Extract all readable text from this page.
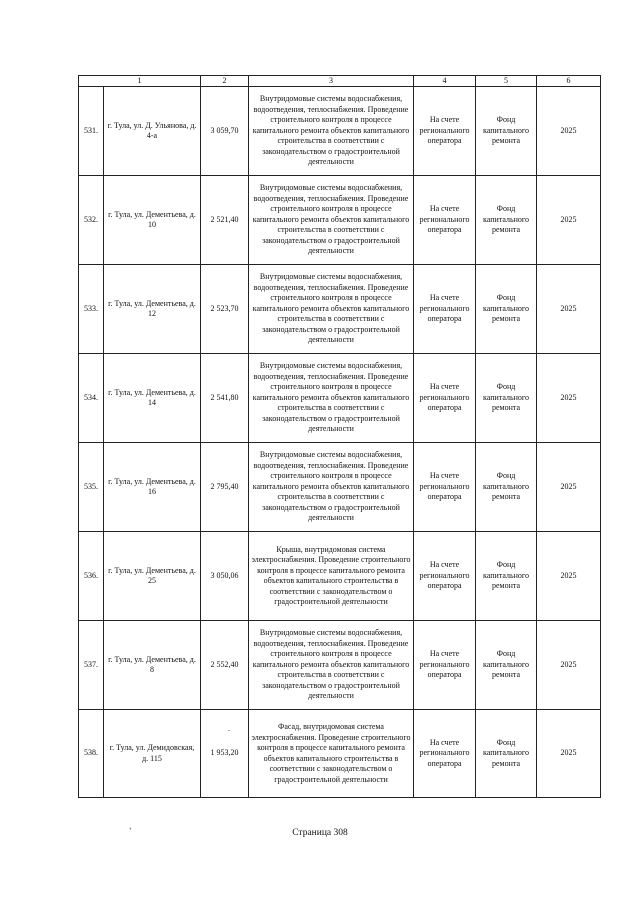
1		2	3	4	5	6
531.	г. Тула, ул. Д. Ульянова, д. 4-а	3 059,70	Внутридомовые системы водоснабжения, водоотведения, теплоснабжения. Проведение строительного контроля в процессе капитального ремонта объектов капитального строительства в соответствии с законодательством о градостроительной деятельности	На счете регионального оператора	Фонд капитального ремонта	2025
532.	г. Тула, ул. Дементьева, д. 10	2 521,40	Внутридомовые системы водоснабжения, водоотведения, теплоснабжения. Проведение строительного контроля в процессе капитального ремонта объектов капитального строительства в соответствии с законодательством о градостроительной деятельности	На счете регионального оператора	Фонд капитального ремонта	2025
533.	г. Тула, ул. Дементьева, д. 12	2 523,70	Внутридомовые системы водоснабжения, водоотведения, теплоснабжения. Проведение строительного контроля в процессе капитального ремонта объектов капитального строительства в соответствии с законодательством о градостроительной деятельности	На счете регионального оператора	Фонд капитального ремонта	2025
534.	г. Тула, ул. Дементьева, д. 14	2 541,80	Внутридомовые системы водоснабжения, водоотведения, теплоснабжения. Проведение строительного контроля в процессе капитального ремонта объектов капитального строительства в соответствии с законодательством о градостроительной деятельности	На счете регионального оператора	Фонд капитального ремонта	2025
535.	г. Тула, ул. Дементьева, д. 16	2 795,40	Внутридомовые системы водоснабжения, водоотведения, теплоснабжения. Проведение строительного контроля в процессе капитального ремонта объектов капитального строительства в соответствии с законодательством о градостроительной деятельности	На счете регионального оператора	Фонд капитального ремонта	2025
536.	г. Тула, ул. Дементьева, д. 25	3 050,06	Крыша, внутридомовая система электроснабжения. Проведение строительного контроля в процессе капитального ремонта объектов капитального строительства в соответствии с законодательством о градостроительной деятельности	На счете регионального оператора	Фонд капитального ремонта	2025
537.	г. Тула, ул. Дементьева, д. 8	2 552,40	Внутридомовые системы водоснабжения, водоотведения, теплоснабжения. Проведение строительного контроля в процессе капитального ремонта объектов капитального строительства в соответствии с законодательством о градостроительной деятельности	На счете регионального оператора	Фонд капитального ремонта	2025
538.	г. Тула, ул. Демидовская, д. 115	1 953,20	Фасад, внутридомовая система электроснабжения. Проведение строительного контроля в процессе капитального ремонта объектов капитального строительства в соответствии с законодательством о градостроительной деятельности	На счете регионального оператора	Фонд капитального ремонта	2025
-
‘	Страница 308
